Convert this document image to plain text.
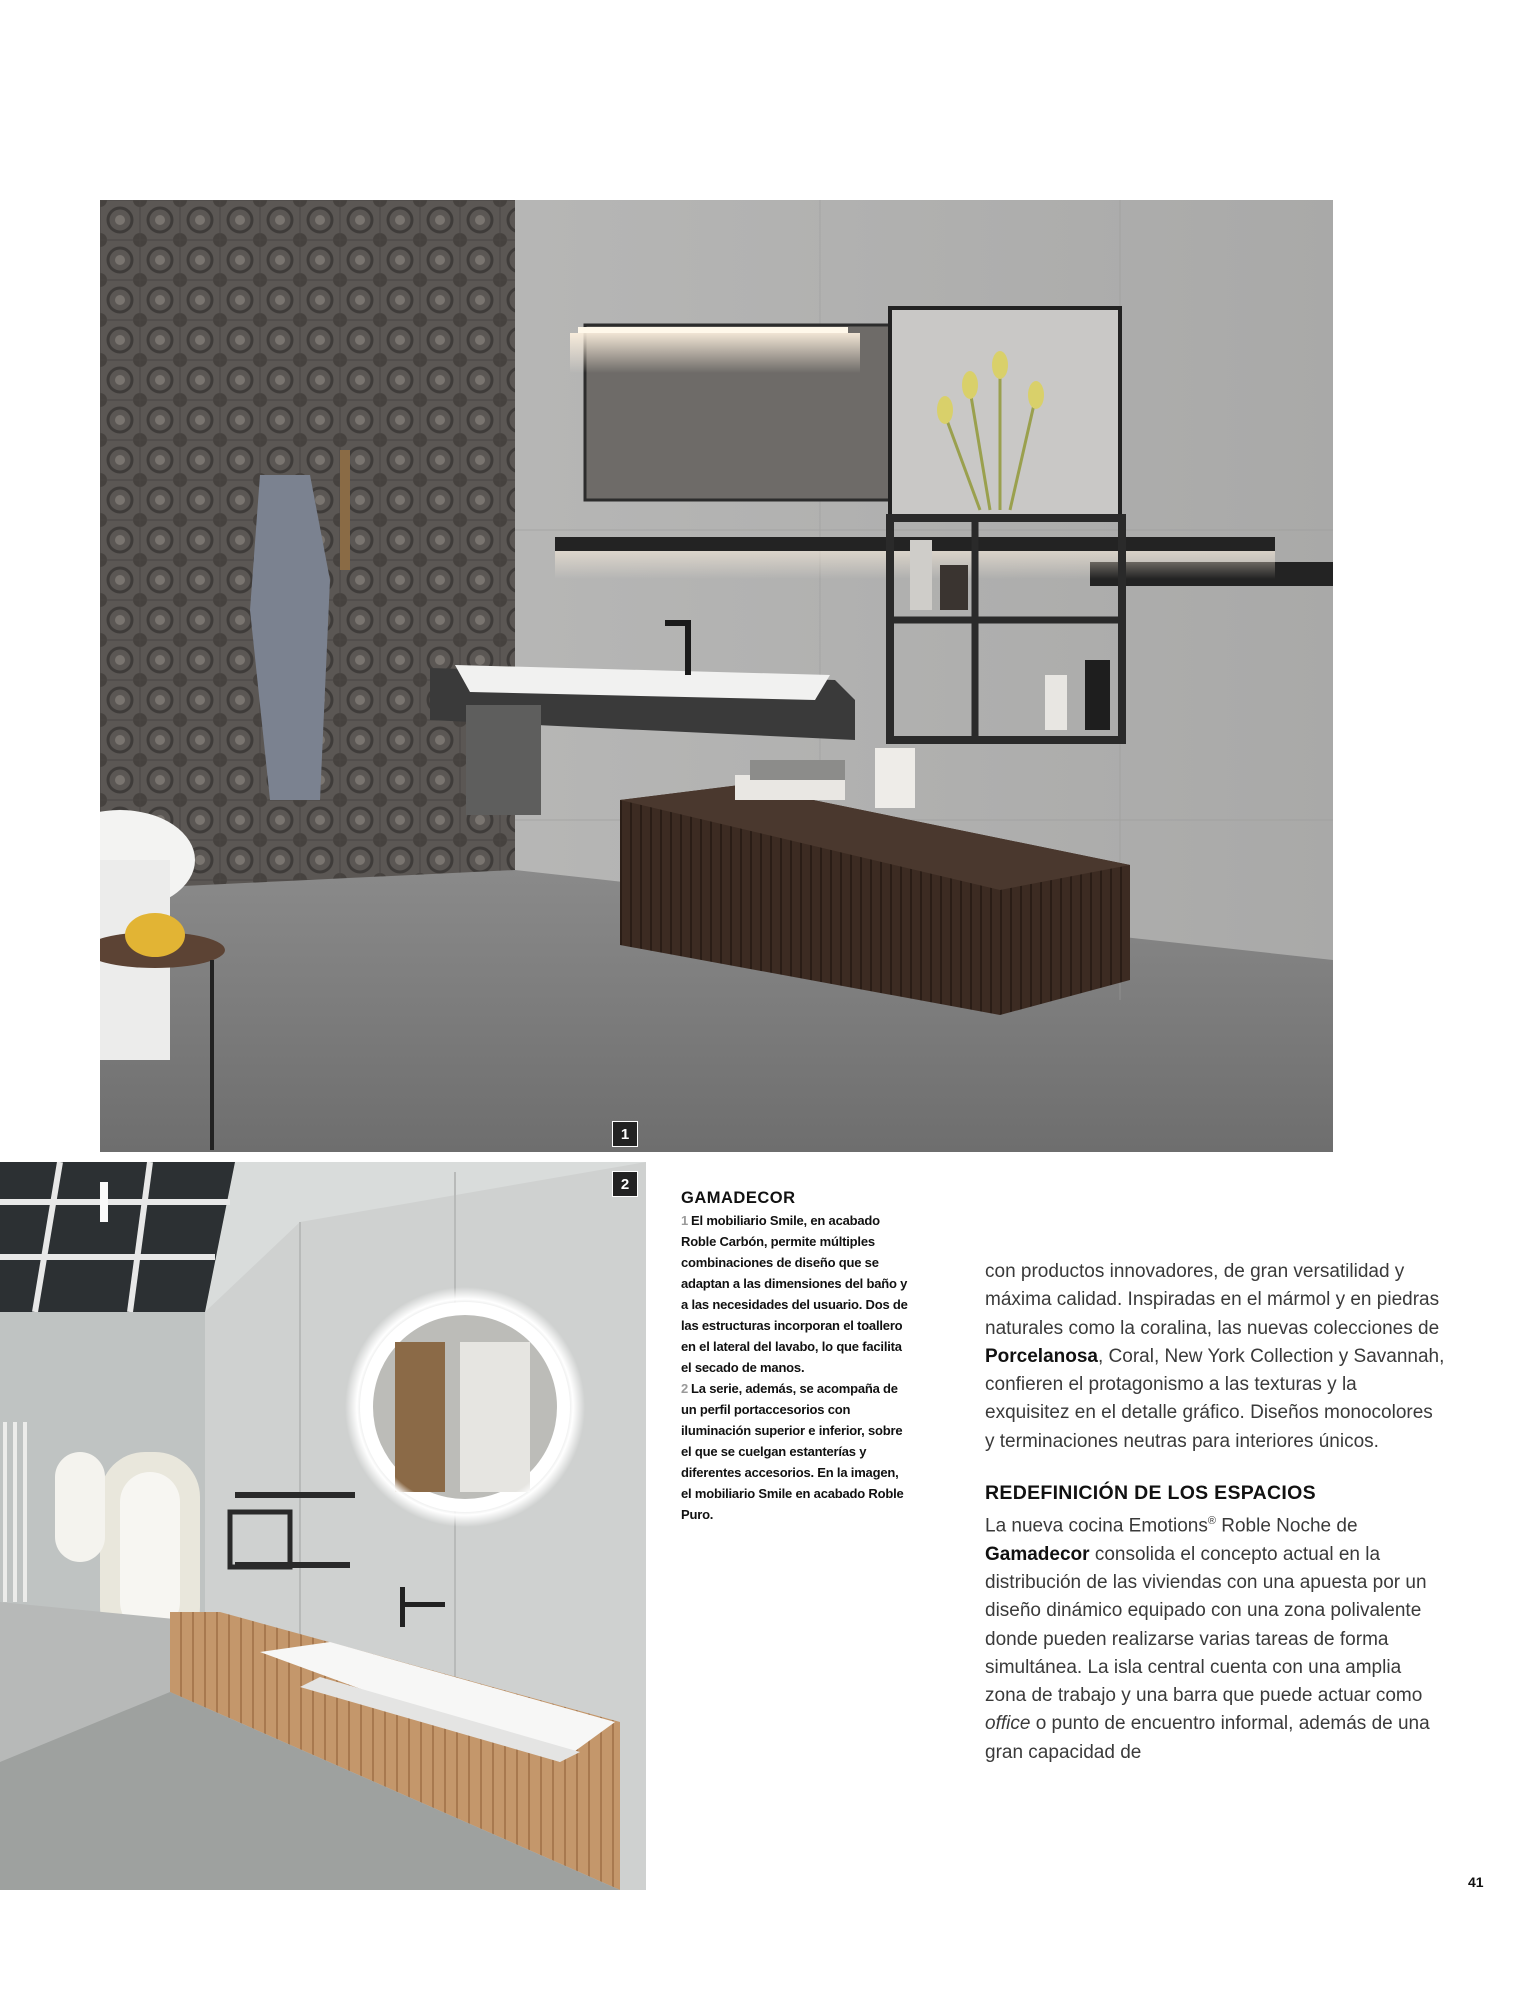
1
2

GAMADECOR

1 El mobiliario Smile, en acabado Roble Carbón, permite múltiples combinaciones de diseño que se adaptan a las dimensiones del baño y a las necesidades del usuario. Dos de las estructuras incorporan el toallero en el lateral del lavabo, lo que facilita el secado de manos.

2 La serie, además, se acompaña de un perfil portaccesorios con iluminación superior e inferior, sobre el que se cuelgan estanterías y diferentes accesorios. En la imagen, el mobiliario Smile en acabado Roble Puro.

con productos innovadores, de gran versatilidad y máxima calidad. Inspiradas en el mármol y en piedras naturales como la coralina, las nuevas colecciones de Porcelanosa, Coral, New York Collection y Savannah, confieren el protagonismo a las texturas y la exquisitez en el detalle gráfico. Diseños monocolores y terminaciones neutras para interiores únicos.

REDEFINICIÓN DE LOS ESPACIOS

La nueva cocina Emotions® Roble Noche de Gamadecor consolida el concepto actual en la distribución de las viviendas con una apuesta por un diseño dinámico equipado con una zona polivalente donde pueden realizarse varias tareas de forma simultánea. La isla central cuenta con una amplia zona de trabajo y una barra que puede actuar como office o punto de encuentro informal, además de una gran capacidad de

41
